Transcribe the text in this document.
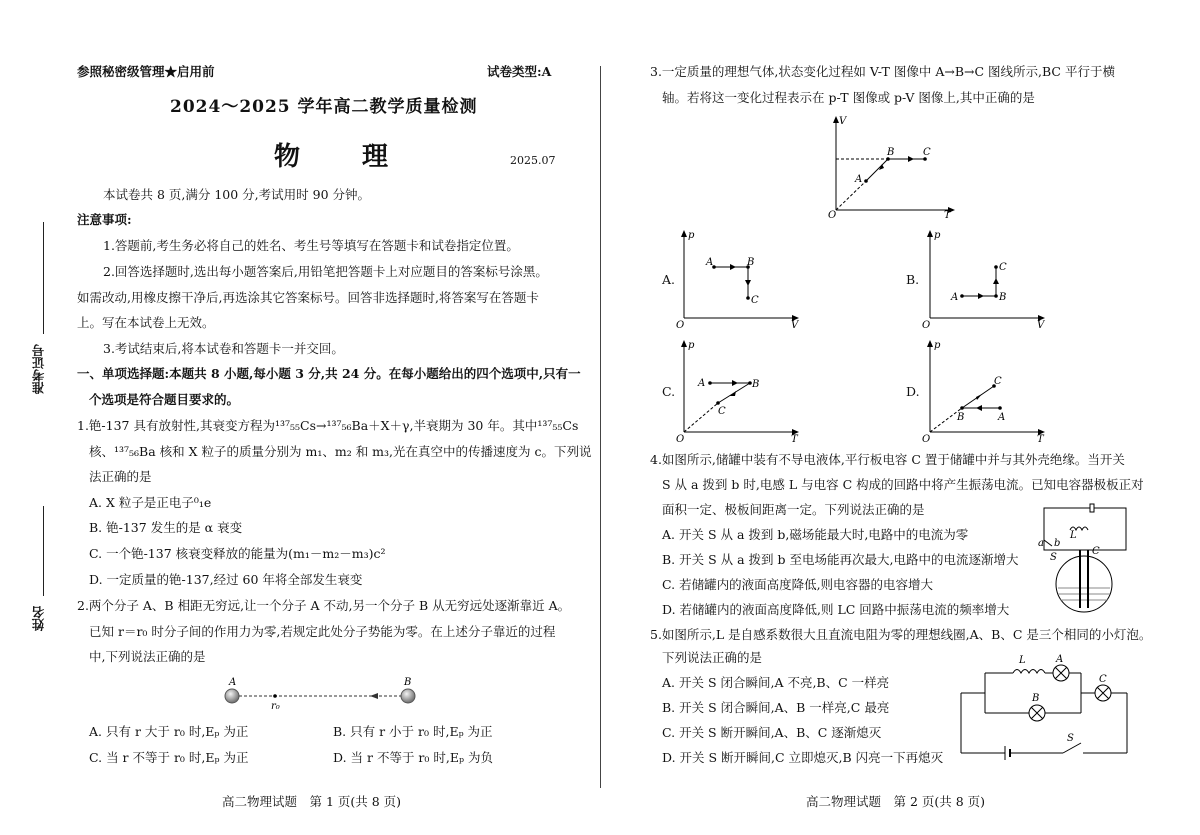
参照秘密级管理★启用前	试卷类型:A
2024～2025 学年高二教学质量检测
物　理	2025.07
本试卷共 8 页,满分 100 分,考试用时 90 分钟。
注意事项:
1.答题前,考生务必将自己的姓名、考生号等填写在答题卡和试卷指定位置。
2.回答选择题时,选出每小题答案后,用铅笔把答题卡上对应题目的答案标号涂黑。
如需改动,用橡皮擦干净后,再选涂其它答案标号。回答非选择题时,将答案写在答题卡
上。写在本试卷上无效。
3.考试结束后,将本试卷和答题卡一并交回。
一、单项选择题:本题共 8 小题,每小题 3 分,共 24 分。在每小题给出的四个选项中,只有一
个选项是符合题目要求的。
准考证号
姓名
1.铯-137 具有放射性,其衰变方程为¹³⁷₅₅Cs→¹³⁷₅₆Ba＋X＋γ,半衰期为 30 年。其中¹³⁷₅₅Cs
核、¹³⁷₅₆Ba 核和 X 粒子的质量分别为 m₁、m₂ 和 m₃,光在真空中的传播速度为 c。下列说
法正确的是
A. X 粒子是正电子⁰₁e
B. 铯-137 发生的是 α 衰变
C. 一个铯-137 核衰变释放的能量为(m₁－m₂－m₃)c²
D. 一定质量的铯-137,经过 60 年将全部发生衰变
2.两个分子 A、B 相距无穷远,让一个分子 A 不动,另一个分子 B 从无穷远处逐渐靠近 A。
已知 r＝r₀ 时分子间的作用力为零,若规定此处分子势能为零。在上述分子靠近的过程
中,下列说法正确的是
A	B
r₀
A. 只有 r 大于 r₀ 时,Eₚ 为正	B. 只有 r 小于 r₀ 时,Eₚ 为正
C. 当 r 不等于 r₀ 时,Eₚ 为正	D. 当 r 不等于 r₀ 时,Eₚ 为负
高二物理试题　第 1 页(共 8 页)
3.一定质量的理想气体,状态变化过程如 V-T 图像中 A→B→C 图线所示,BC 平行于横
轴。若将这一变化过程表示在 p-T 图像或 p-V 图像上,其中正确的是
V
T
O
A
B	C
A.
p
V
O
A	B
C
B.
p
V
O
A	B
C
C.
p
T
O
A	B
C
D.
p
T
O
A
B
C
4.如图所示,储罐中装有不导电液体,平行板电容 C 置于储罐中并与其外壳绝缘。当开关
S 从 a 拨到 b 时,电感 L 与电容 C 构成的回路中将产生振荡电流。已知电容器极板正对
面积一定、极板间距离一定。下列说法正确的是
A. 开关 S 从 a 拨到 b,磁场能最大时,电路中的电流为零
B. 开关 S 从 a 拨到 b 至电场能再次最大,电路中的电流逐渐增大
C. 若储罐内的液面高度降低,则电容器的电容增大
D. 若储罐内的液面高度降低,则 LC 回路中振荡电流的频率增大
a b
L
S
C
5.如图所示,L 是自感系数很大且直流电阻为零的理想线圈,A、B、C 是三个相同的小灯泡。
下列说法正确的是
A. 开关 S 闭合瞬间,A 不亮,B、C 一样亮
B. 开关 S 闭合瞬间,A、B 一样亮,C 最亮
C. 开关 S 断开瞬间,A、B、C 逐渐熄灭
D. 开关 S 断开瞬间,C 立即熄灭,B 闪亮一下再熄灭
L	A
B
C
S
高二物理试题　第 2 页(共 8 页)
